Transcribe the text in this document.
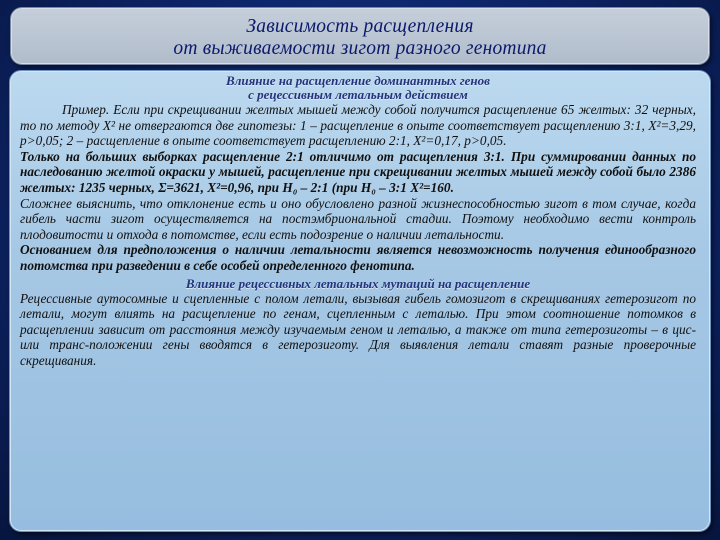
Зависимость расщепления
от выживаемости зигот разного генотипа
Влияние на расщепление доминантных генов
с рецессивным летальным действием

Пример. Если при скрещивании желтых мышей между собой получится расщепление 65 желтых: 32 черных, то по методу Х² не отвергаются две гипотезы: 1 – расщепление в опыте соответствует расщеплению 3:1, Х²=3,29, р>0,05; 2 – расщепление в опыте соответствует расщеплению 2:1, Х²=0,17, р>0,05.

Только на больших выборках расщепление 2:1 отличимо от расщепления 3:1. При суммировании данных по наследованию желтой окраски у мышей, расщепление при скрещивании желтых мышей между собой было 2386 желтых: 1235 черных, Σ=3621, Х²=0,96, при Н₀ – 2:1 (при Н₀ – 3:1 Х²=160.

Сложнее выяснить, что отклонение есть и оно обусловлено разной жизнеспособностью зигот в том случае, когда гибель части зигот осуществляется на постэмбриональной стадии. Поэтому необходимо вести контроль плодовитости и отхода в потомстве, если есть подозрение о наличии летальности.

Основанием для предположения о наличии летальности является невозможность получения единообразного потомства при разведении в себе особей определенного фенотипа.

Влияние рецессивных летальных мутаций на расщепление

Рецессивные аутосомные и сцепленные с полом летали, вызывая гибель гомозигот в скрещиваниях гетерозигот по летали, могут влиять на расщепление по генам, сцепленным с леталью. При этом соотношение потомков в расщеплении зависит от расстояния между изучаемым геном и леталью, а также от типа гетерозиготы – в цис- или транс-положении гены вводятся в гетерозиготу. Для выявления летали ставят разные проверочные скрещивания.
